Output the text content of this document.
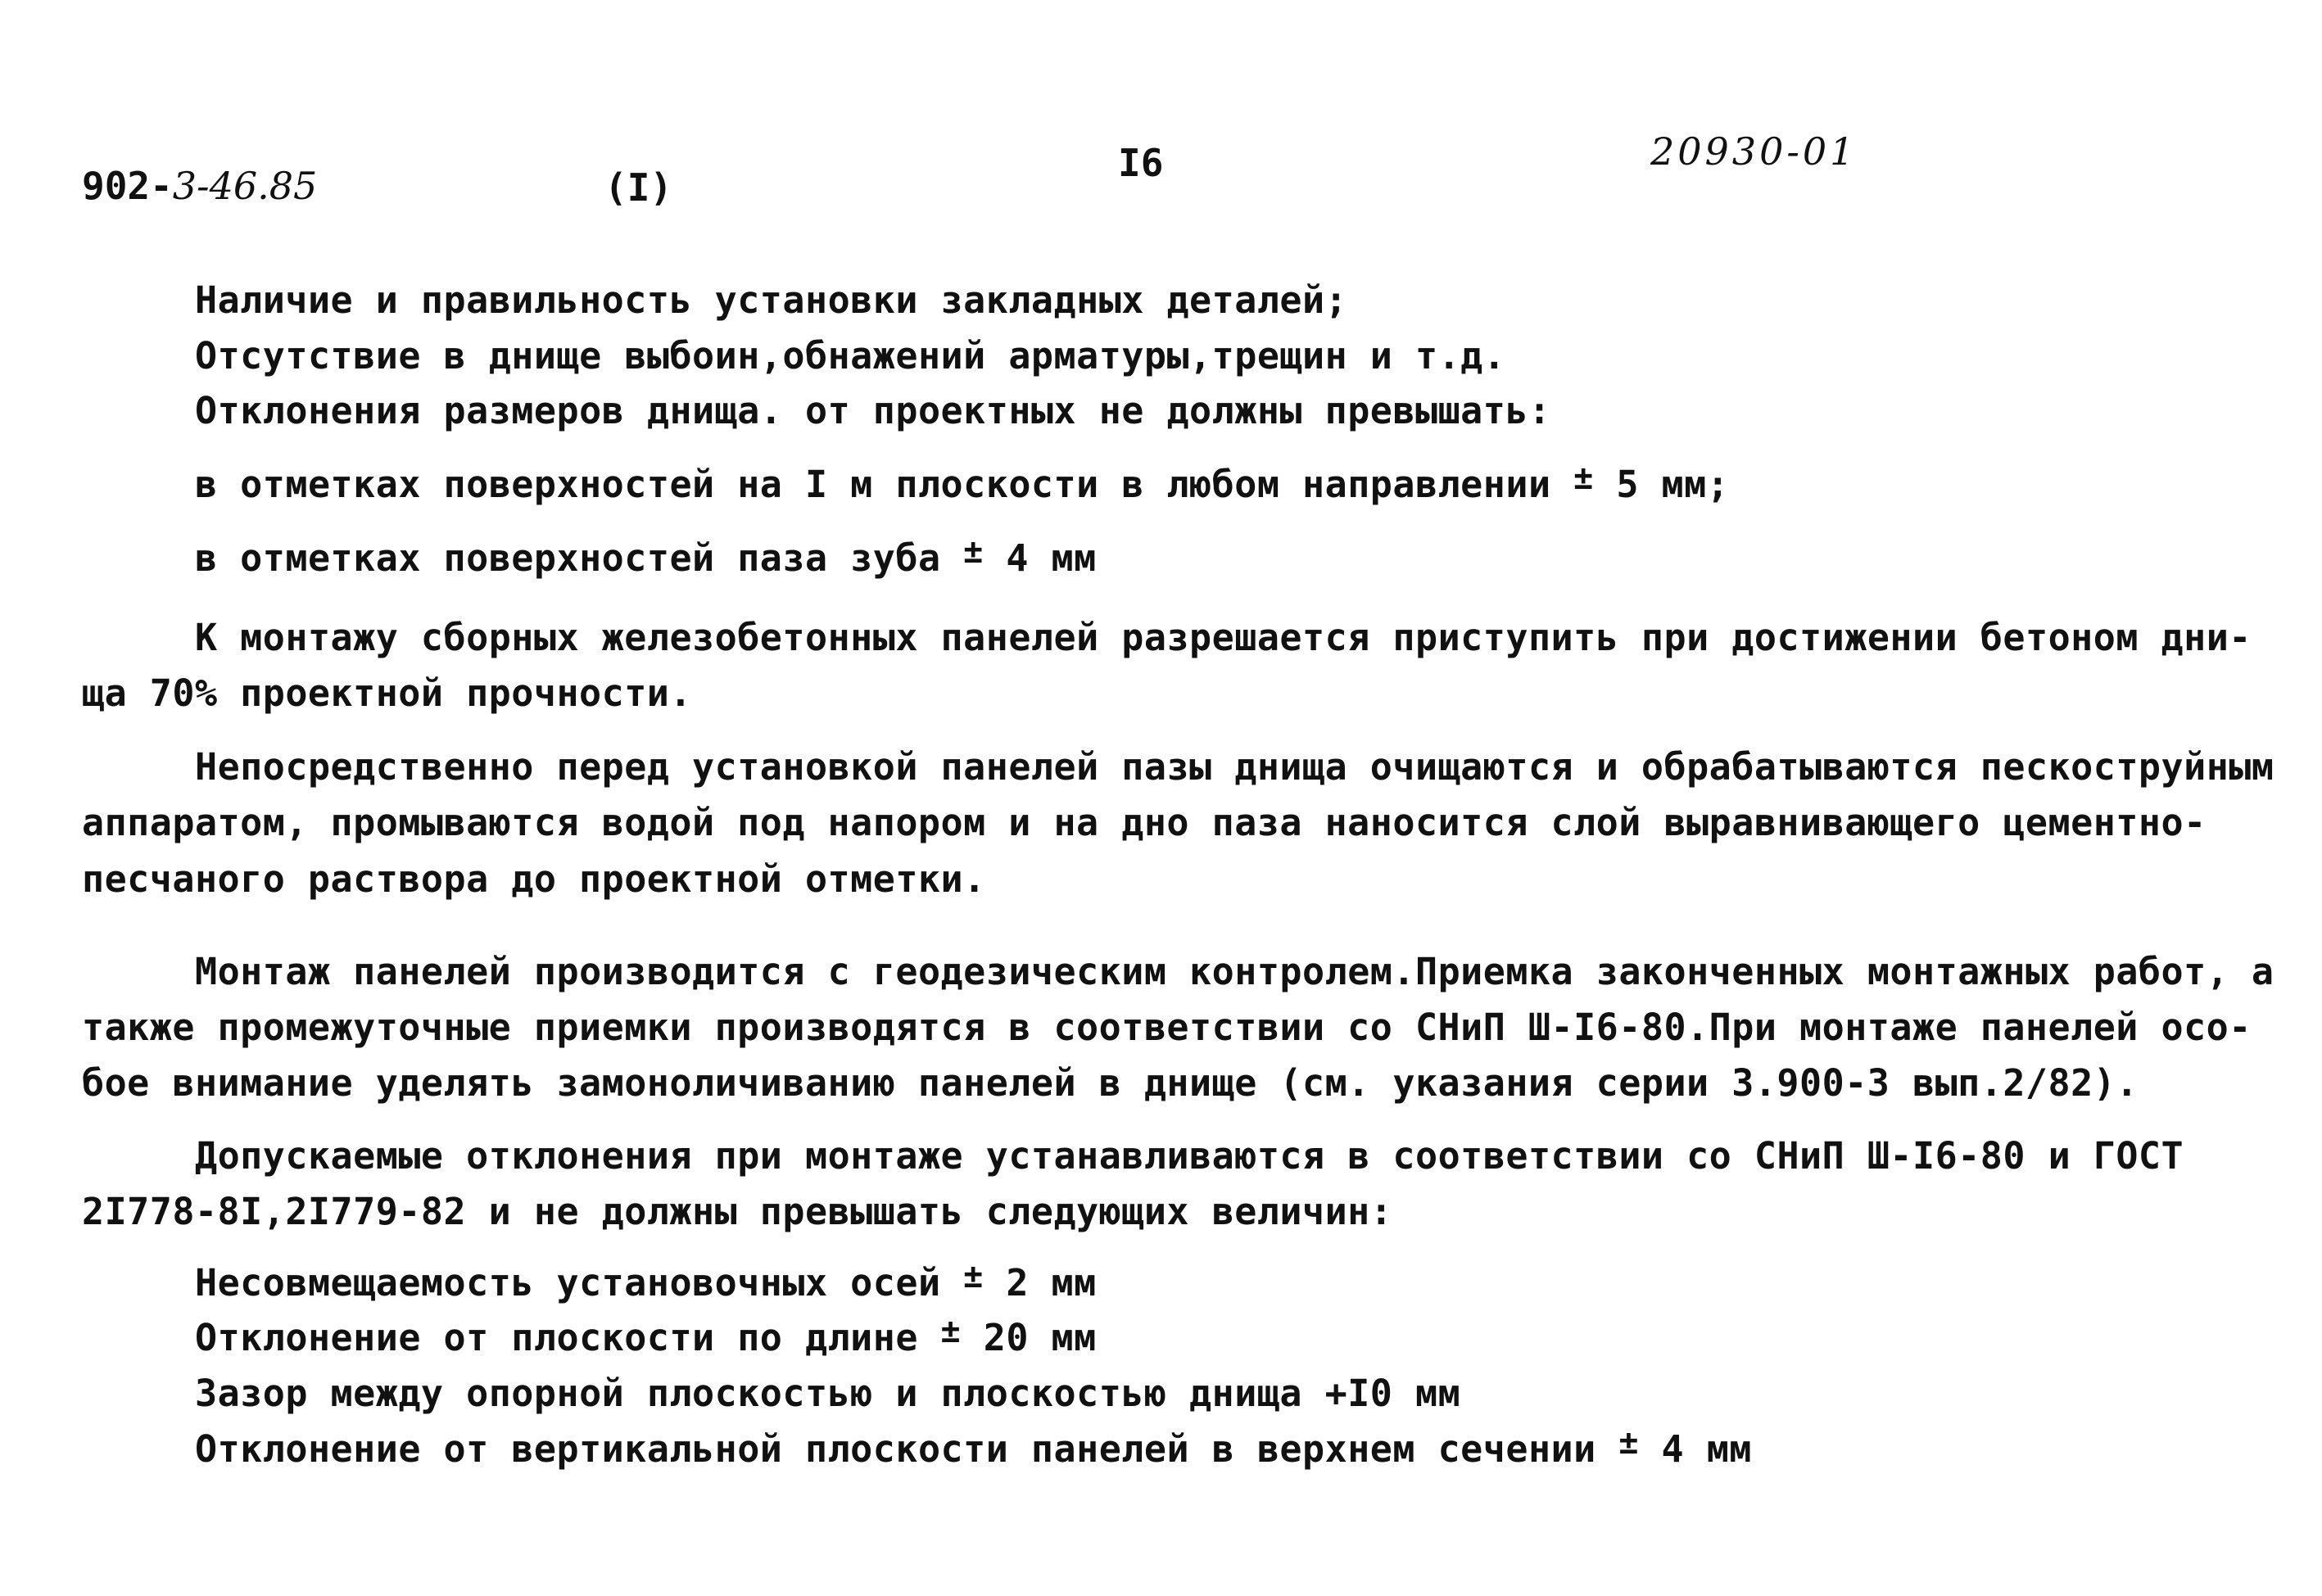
902-3-46.85	(I)
I6	20930-01
Наличие и правильность установки закладных деталей;
Отсутствие в днище выбоин,обнажений арматуры,трещин и т.д.
Отклонения размеров днища. от проектных не должны превышать:
в отметках поверхностей на I м плоскости в любом направлении ± 5 мм;
в отметках поверхностей паза зуба ± 4 мм
К монтажу сборных железобетонных панелей разрешается приступить при достижении бетоном дни-
ща 70% проектной прочности.
Непосредственно перед установкой панелей пазы днища очищаются и обрабатываются пескоструйным
аппаратом, промываются водой под напором и на дно паза наносится слой выравнивающего цементно-
песчаного раствора до проектной отметки.
Монтаж панелей производится с геодезическим контролем.Приемка законченных монтажных работ, а
также промежуточные приемки производятся в соответствии со СНиП Ш-I6-80.При монтаже панелей осо-
бое внимание уделять замоноличиванию панелей в днище (см. указания серии 3.900-3 вып.2/82).
Допускаемые отклонения при монтаже устанавливаются в соответствии со СНиП Ш-I6-80 и ГОСТ
2I778-8I,2I779-82 и не должны превышать следующих величин:
Несовмещаемость установочных осей ± 2 мм
Отклонение от плоскости по длине ± 20 мм
Зазор между опорной плоскостью и плоскостью днища +I0 мм
Отклонение от вертикальной плоскости панелей в верхнем сечении ± 4 мм
